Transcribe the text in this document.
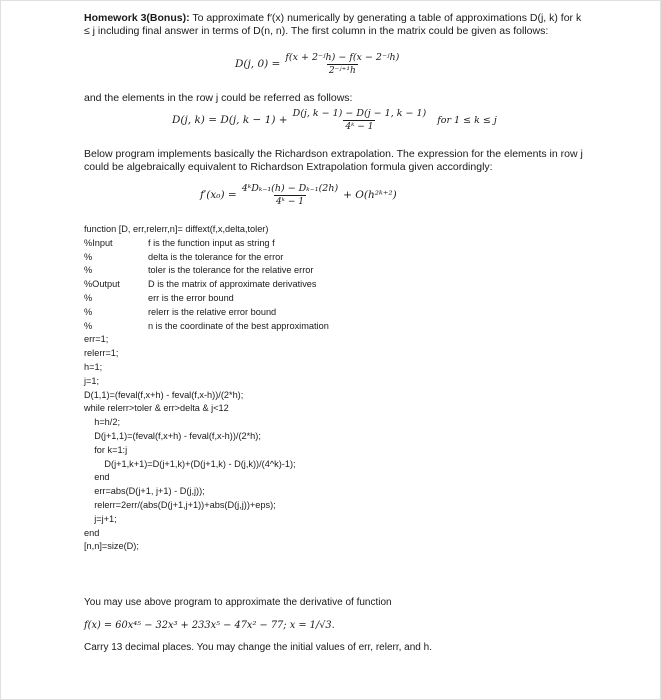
Homework 3(Bonus): To approximate f′(x) numerically by generating a table of approximations D(j, k) for k ≤ j including final answer in terms of D(n, n). The first column in the matrix could be given as follows:

D(j, $0) = \frac{\text{f(x + 2⁻ʲh) − f(x − 2⁻ʲh)}}{\text{2⁻ʲ⁺¹h}}$

and the elements in the row j could be referred as follows:

D(j, k) = D(j, $k - 1) + \frac{D(j, k - 1) - D(j - 1, k - 1)}{\text{4ᵏ − 1}}$ for 1 ≤ k ≤ j

Below program implements basically the Richardson extrapolation. The expression for the elements in row j could be algebraically equivalent to Richardson Extrapolation formula given accordingly:

$f'(x_0) = \frac{\text{4ᵏDₖ₋₁(h) − Dₖ₋₁(2h)}}{\text{4ᵏ − 1}}$ + O(h²ᵏ⁺²)
function [D, err,relerr,n]= diffext(f,x,delta,toler)
%Input	f is the function input as string f
%	delta is the tolerance for the error
%	toler is the tolerance for the relative error
%Output	D is the matrix of approximate derivatives
%	err is the error bound
%	relerr is the relative error bound
%	n is the coordinate of the best approximation
err=1;
relerr=1;
h=1;
j=1;
D(1,1)=(feval(f,x+h) - feval(f,x-h))/(2*h);
while relerr>toler & err>delta & j<12
h=h/2;
D(j+1,1)=(feval(f,x+h) - feval(f,x-h))/(2*h);
for k=1:j
D(j+1,k+1)=D(j+1,k)+(D(j+1,k) - D(j,k))/(4^k)-1);
end
err=abs(D(j+1, j+1) - D(j,j));
relerr=2err/(abs(D(j+1,j+1))+abs(D(j,j))+eps);
j=j+1;
end
[n,n]=size(D);

You may use above program to approximate the derivative of function

f(x) = 60x⁴⁵ − 32x³ + 233x⁵ − 47x² − 77; x = 1/√3.

Carry 13 decimal places. You may change the initial values of err, relerr, and h.
